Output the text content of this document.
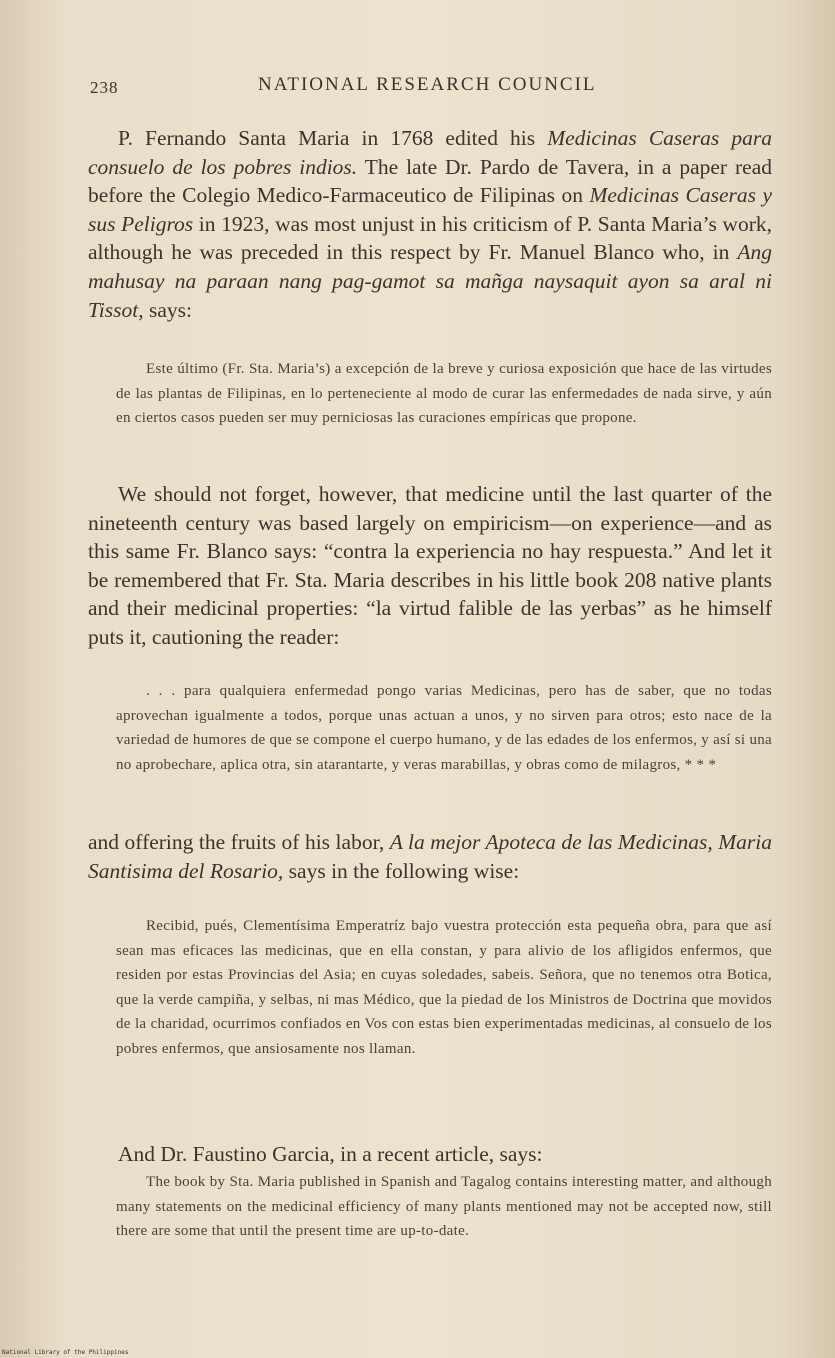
238	NATIONAL RESEARCH COUNCIL

P. Fernando Santa Maria in 1768 edited his Medicinas Caseras para consuelo de los pobres indios. The late Dr. Pardo de Tavera, in a paper read before the Colegio Medico-Farmaceutico de Filipinas on Medicinas Caseras y sus Peligros in 1923, was most unjust in his criticism of P. Santa Maria’s work, although he was preceded in this respect by Fr. Manuel Blanco who, in Ang mahusay na paraan nang pag-gamot sa mañga naysaquit ayon sa aral ni Tissot, says:

Este último (Fr. Sta. Maria’s) a excepción de la breve y curiosa exposición que hace de las virtudes de las plantas de Filipinas, en lo perteneciente al modo de curar las enfermedades de nada sirve, y aún en ciertos casos pueden ser muy perniciosas las curaciones empíricas que propone.

We should not forget, however, that medicine until the last quarter of the nineteenth century was based largely on empiricism—on experience—and as this same Fr. Blanco says: “contra la experiencia no hay respuesta.” And let it be remembered that Fr. Sta. Maria describes in his little book 208 native plants and their medicinal properties: “la virtud falible de las yerbas” as he himself puts it, cautioning the reader:

. . . para qualquiera enfermedad pongo varias Medicinas, pero has de saber, que no todas aprovechan igualmente a todos, porque unas actuan a unos, y no sirven para otros; esto nace de la variedad de humores de que se compone el cuerpo humano, y de las edades de los enfermos, y así si una no aprobechare, aplica otra, sin atarantarte, y veras marabillas, y obras como de milagros, * * *

and offering the fruits of his labor, A la mejor Apoteca de las Medicinas, Maria Santisima del Rosario, says in the following wise:

Recibid, pués, Clementísima Emperatríz bajo vuestra protección esta pequeña obra, para que así sean mas eficaces las medicinas, que en ella constan, y para alivio de los afligidos enfermos, que residen por estas Provincias del Asia; en cuyas soledades, sabeis. Señora, que no tenemos otra Botica, que la verde campiña, y selbas, ni mas Médico, que la piedad de los Ministros de Doctrina que movidos de la charidad, ocurrimos confiados en Vos con estas bien experimentadas medicinas, al consuelo de los pobres enfermos, que ansiosamente nos llaman.

And Dr. Faustino Garcia, in a recent article, says:

The book by Sta. Maria published in Spanish and Tagalog contains interesting matter, and although many statements on the medicinal efficiency of many plants mentioned may not be accepted now, still there are some that until the present time are up-to-date.

National Library of the Philippines
